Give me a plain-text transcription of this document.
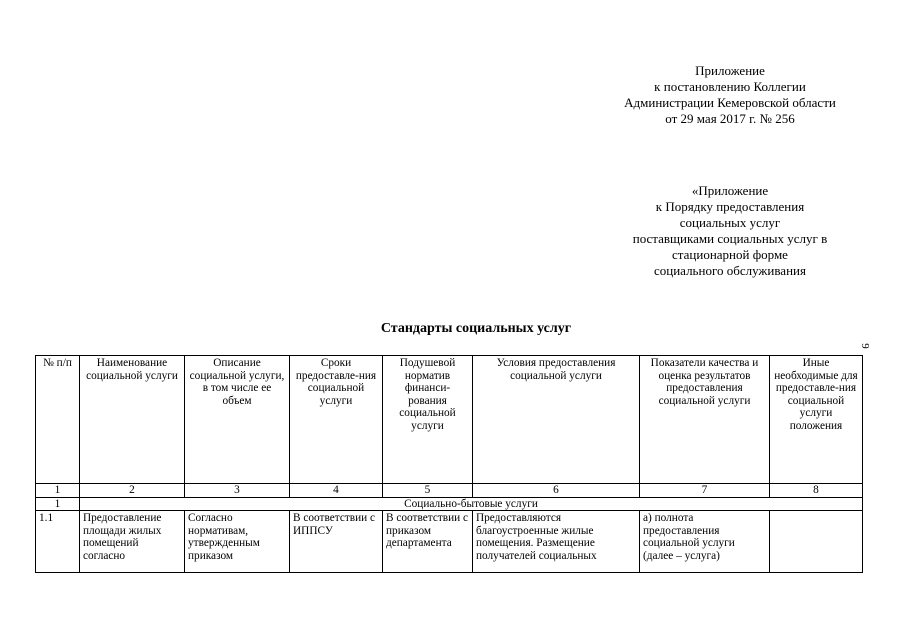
Приложение
к постановлению Коллегии
Администрации Кемеровской области
от 29 мая 2017 г. № 256
«Приложение
к Порядку предоставления
социальных услуг
поставщиками социальных услуг в
стационарной форме
социального обслуживания
Стандарты социальных услуг
9
№ п/п	Наименование социальной услуги	Описание социальной услуги, в том числе ее объем	Сроки предоставле-ния социальной услуги	Подушевой норматив финанси-рования социальной услуги	Условия предоставления социальной услуги	Показатели качества и оценка результатов предоставления социальной услуги	Иные необходимые для предоставле-ния социальной услуги положения
1	2	3	4	5	6	7	8
1	Социально-бытовые услуги						
1.1	Предоставление площади жилых помещений согласно	Согласно нормативам, утвержденным приказом	В соответствии с ИППСУ	В соответствии с приказом департамента	Предоставляются благоустроенные жилые помещения. Размещение получателей социальных	а) полнота предоставления социальной услуги (далее – услуга)	
